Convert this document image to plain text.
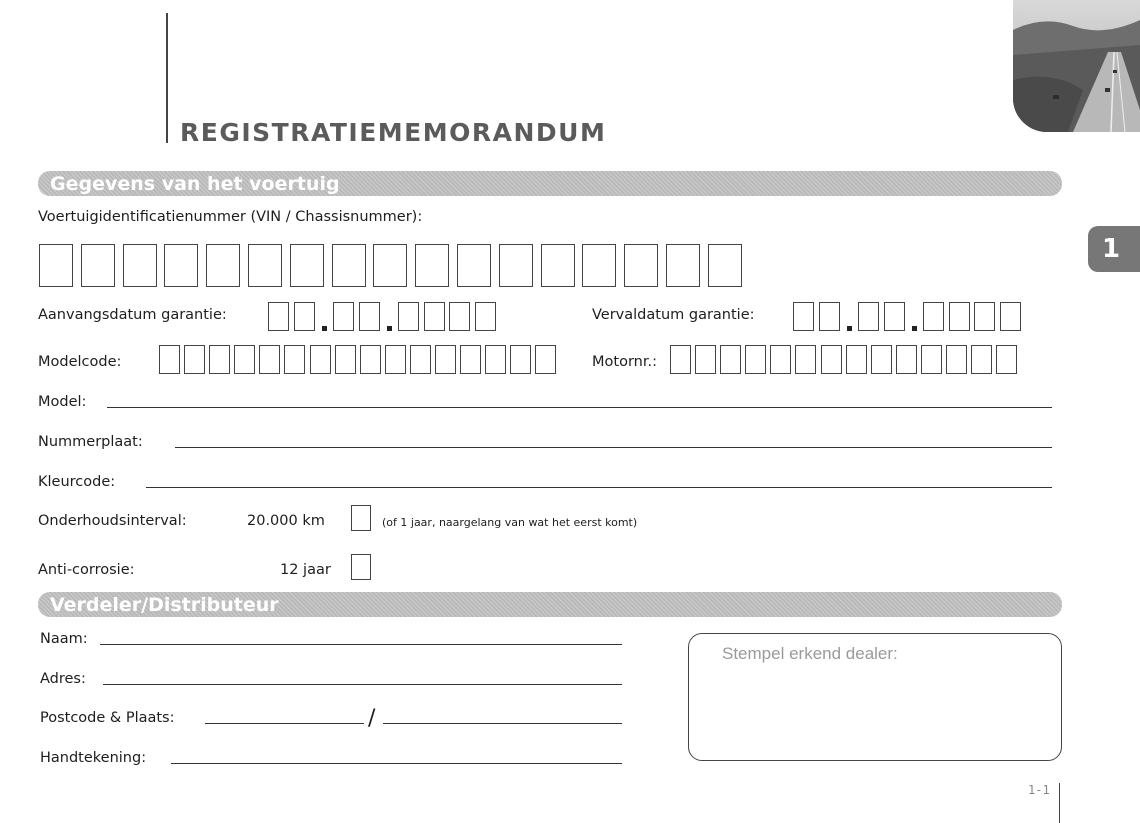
REGISTRATIEMEMORANDUM
1
Gegevens van het voertuig
Voertuigidentificatienummer (VIN / Chassisnummer):
Aanvangsdatum garantie:	Vervaldatum garantie:
Modelcode:	Motornr.:
Model:
Nummerplaat:
Kleurcode:
Onderhoudsinterval:	20.000 km	(of 1 jaar, naargelang van wat het eerst komt)
Anti-corrosie:	12 jaar
Verdeler/Distributeur
Naam:
Adres:
Postcode & Plaats:	/
Handtekening:
Stempel erkend dealer:
1-1
